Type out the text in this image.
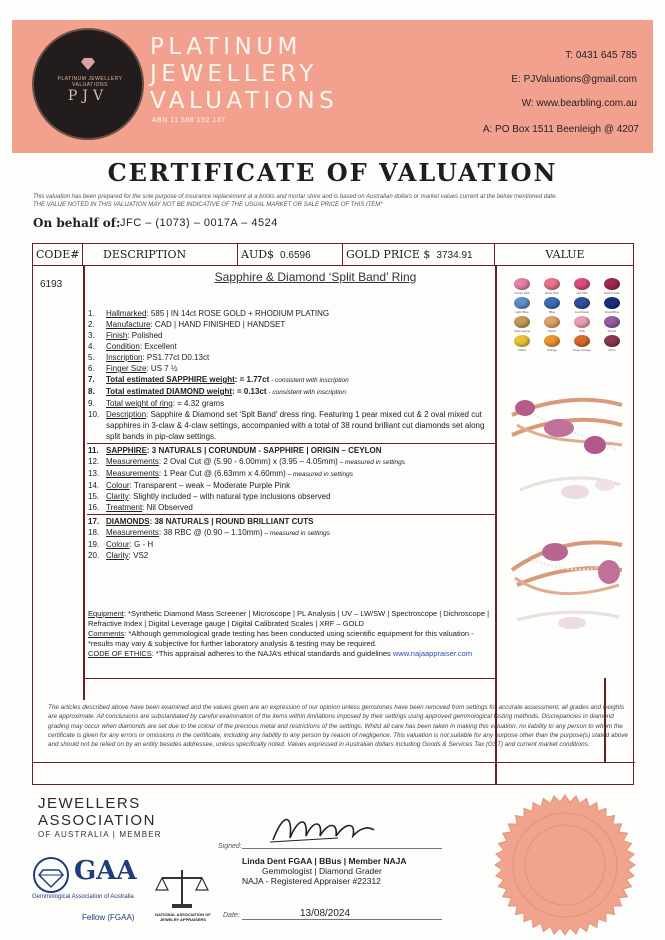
PLATINUM JEWELLERY VALUATIONS
PJV
PLATINUM
JEWELLERY
VALUATIONS
ABN 11 588 192 137
T: 0431 645 785
E: PJValuations@gmail.com
W: www.bearbling.com.au
A: PO Box 1511 Beenleigh @ 4207
CERTIFICATE OF VALUATION
This valuation has been prepared for the sole purpose of insurance replacement at a bricks and mortar store and is based on Australian dollars or market values current at the below mentioned date.
THE VALUE NOTED IN THIS VALUATION MAY NOT BE INDICATIVE OF THE USUAL MARKET OR SALE PRICE OF THIS ITEM*
On behalf of: JFC – (1073) – 0017A – 4524
CODE#	DESCRIPTION	AUD$ 0.6596	GOLD PRICE $ 3734.91	VALUE
6193
Sapphire & Diamond ‘Split Band’ Ring
1. Hallmarked: 585 | IN 14ct ROSE GOLD + RHODIUM PLATING
2. Manufacture: CAD | HAND FINISHED | HANDSET
3. Finish: Polished
4. Condition: Excellent
5. Inscription: PS1.77ct D0.13ct
6. Finger Size: US 7 ½
7. Total estimated SAPPHIRE weight: = 1.77ct - consistent with inscription
8. Total estimated DIAMOND weight: = 0.13ct - consistent with inscription
9. Total weight of ring: = 4.32 grams
10. Description: Sapphire & Diamond set ‘Splt Band’ dress ring. Featuring 1 pear mixed cut & 2 oval mixed cut sapphires in 3-claw & 4-claw settings, accompanied with a total of 38 round brilliant cut diamonds set along split bands in pip-claw settings.
11. SAPPHIRE: 3 NATURALS | CORUNDUM - SAPPHIRE | ORIGIN – CEYLON
12. Measurements: 2 Oval Cut @ (5.90 - 6.00mm) x (3.95 – 4.05mm) – measured in settings
13. Measurements: 1 Pear Cut @ (6.63mm x 4.60mm) – measured in settings
14. Colour: Transparent – weak – Moderate Purple Pink
15. Clarity: Slightly included – with natural type inclusions observed
16. Treatment: Nil Observed
17. DIAMONDS: 38 NATURALS | ROUND BRILLIANT CUTS
18. Measurements: 38 RBC @ (0.90 – 1.10mm) – measured in settings
19. Colour: G - H
20. Clarity: VS2
Equipment: *Synthetic Diamond Mass Screener | Microscope | PL Analysis | UV – LW/SW | Spectroscope | Dichroscope | Refractive Index | Digital Leverage gauge | Digital Calibrated Scales | XRF – GOLD
Comments: *Although gemmological grade testing has been conducted using scientific equipment for this valuation - *results may vary & subjective for further laboratory analysis & testing may be required.
CODE OF ETHICS: *This appraisal adheres to the NAJA’s ethical standards and guidelines www.najaappraiser.com
Cerise Pink	Rose Pink	Hot Pink	Dark Purple
Light Blue	Blue	Cornflower	Royal Blue
Champagne	Peach	Pink	Purple
Yellow	Orange	Deep Orange	Plum
The articles described above have been examined and the values given are an expression of our opinion unless gemstones have been removed from settings for accurate assessment, all grades and weights are approximate. All conclusions are substantiated by careful examination of the items within limitations imposed by their settings using approved gemmological testing methods. Discrepancies in diamond grading may occur when diamonds are set due to the colour of the precious metal and restrictions of the settings. Whilst all care has been taken in making this valuation, no liability to any person to whom the certificate is given for any errors or omissions in the certificate, including any liability to any person by reason of negligence. This valuation is not suitable for any purpose other than the purpose(s) stated above and should not be relied on by an entity besides addressee, unless specifically noted. Values expressed in Australian dollars including Goods & Services Tax (GST) and current market conditions.
JEWELLERS
ASSOCIATION
OF AUSTRALIA | MEMBER
GAA
Gemmological Association of Australia
Fellow (FGAA)	NATIONAL ASSOCIATION OF JEWELRY APPRAISERS
Signed:
Linda Dent FGAA | BBus | Member NAJA
Gemmologist | Diamond Grader
NAJA - Registered Appraiser #22312
Date:	13/08/2024
